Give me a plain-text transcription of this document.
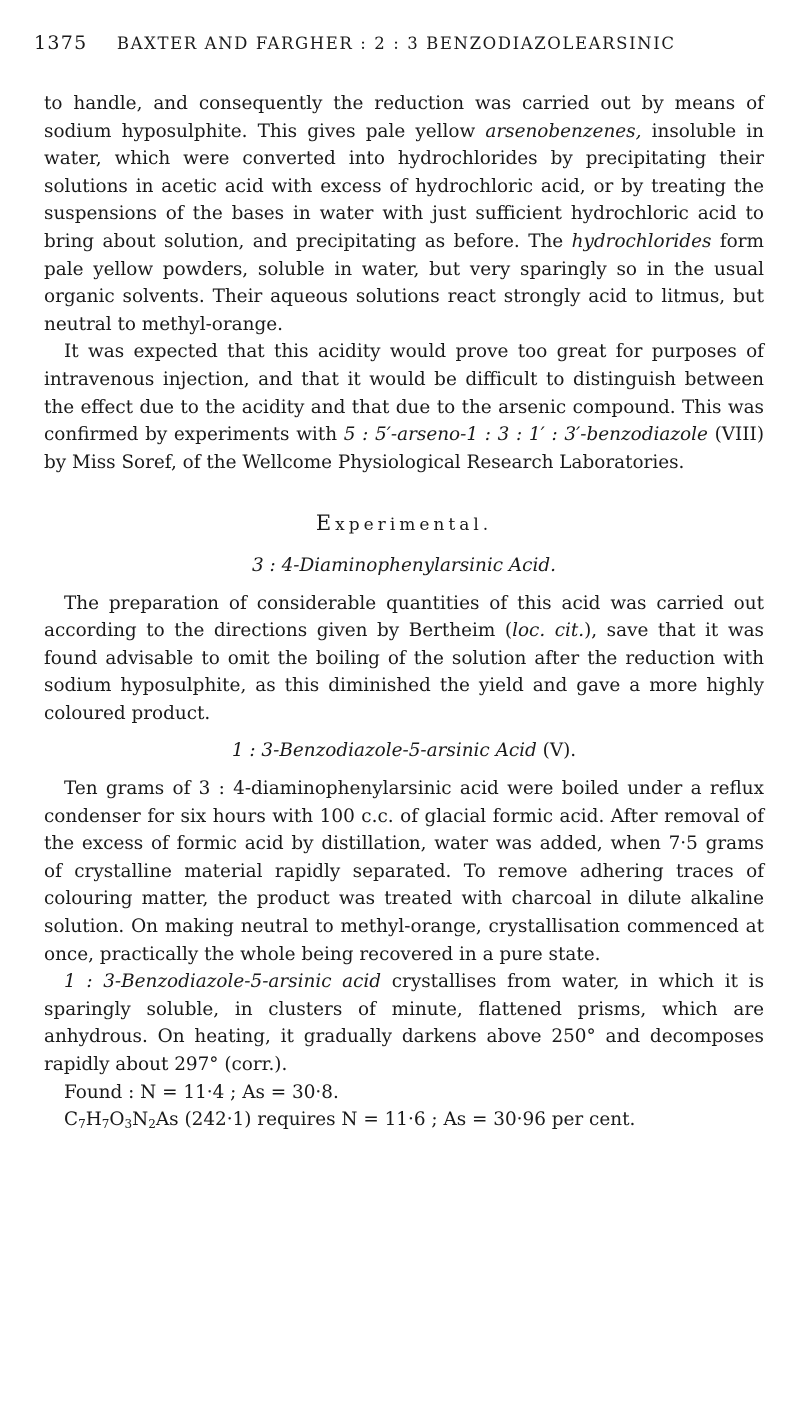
1375 BAXTER AND FARGHER : 2 : 3 BENZODIAZOLEARSINIC

to handle, and consequently the reduction was carried out by means of sodium hyposulphite. This gives pale yellow arsenobenzenes, insoluble in water, which were converted into hydrochlorides by precipitating their solutions in acetic acid with excess of hydrochloric acid, or by treating the suspensions of the bases in water with just sufficient hydrochloric acid to bring about solution, and precipitating as before. The hydrochlorides form pale yellow powders, soluble in water, but very sparingly so in the usual organic solvents. Their aqueous solutions react strongly acid to litmus, but neutral to methyl-orange.

It was expected that this acidity would prove too great for purposes of intravenous injection, and that it would be difficult to distinguish between the effect due to the acidity and that due to the arsenic compound. This was confirmed by experiments with 5 : 5′-arseno-1 : 3 : 1′ : 3′-benzodiazole (VIII) by Miss Soref, of the Wellcome Physiological Research Laboratories.

Experimental.

3 : 4-Diaminophenylarsinic Acid.

The preparation of considerable quantities of this acid was carried out according to the directions given by Bertheim (loc. cit.), save that it was found advisable to omit the boiling of the solution after the reduction with sodium hyposulphite, as this diminished the yield and gave a more highly coloured product.

1 : 3-Benzodiazole-5-arsinic Acid (V).

Ten grams of 3 : 4-diaminophenylarsinic acid were boiled under a reflux condenser for six hours with 100 c.c. of glacial formic acid. After removal of the excess of formic acid by distillation, water was added, when 7·5 grams of crystalline material rapidly separated. To remove adhering traces of colouring matter, the product was treated with charcoal in dilute alkaline solution. On making neutral to methyl-orange, crystallisation commenced at once, practically the whole being recovered in a pure state.

1 : 3-Benzodiazole-5-arsinic acid crystallises from water, in which it is sparingly soluble, in clusters of minute, flattened prisms, which are anhydrous. On heating, it gradually darkens above 250° and decomposes rapidly about 297° (corr.).

Found : N = 11·4 ; As = 30·8.

$C_7H_7O_3N_2As$ (242·1) requires N = 11·6 ; As = 30·96 per cent.
